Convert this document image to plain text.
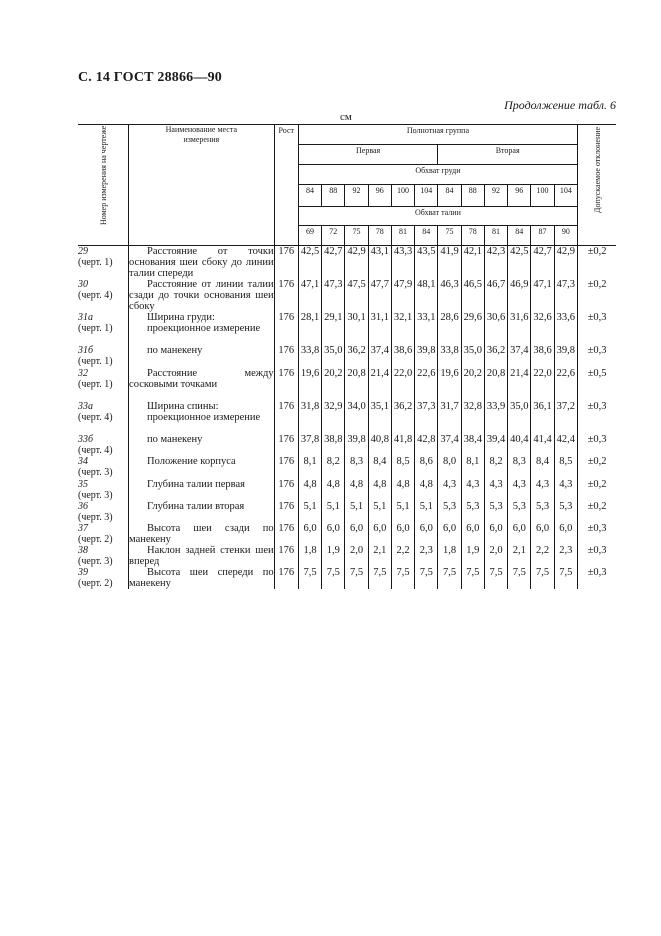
С. 14 ГОСТ 28866—90
Продолжение табл. 6
см
Номер измерения на чертеже	Наименование места измерения	Рост	Полнотная группа												Допускаемое отклонение
			Первая						Вторая						
			Обхват груди												
			84	88	92	96	100	104	84	88	92	96	100	104	
			Обхват талии												
			69	72	75	78	81	84	75	78	81	84	87	90	

29
(черт. 1)	Расстояние от точки основания шеи сбоку до линии талии спереди	176	42,5	42,7	42,9	43,1	43,3	43,5	41,9	42,1	42,3	42,5	42,7	42,9	±0,2

30
(черт. 4)	Расстояние от линии талии сзади до точки основания шеи сбоку	176	47,1	47,3	47,5	47,7	47,9	48,1	46,3	46,5	46,7	46,9	47,1	47,3	±0,2

31а
(черт. 1)	Ширина груди:
проекционное измерение	176	28,1	29,1	30,1	31,1	32,1	33,1	28,6	29,6	30,6	31,6	32,6	33,6	±0,3

31б
(черт. 1)	по манекену	176	33,8	35,0	36,2	37,4	38,6	39,8	33,8	35,0	36,2	37,4	38,6	39,8	±0,3

32
(черт. 1)	Расстояние между сосковыми точками	176	19,6	20,2	20,8	21,4	22,0	22,6	19,6	20,2	20,8	21,4	22,0	22,6	±0,5

33а
(черт. 4)	Ширина спины:
проекционное измерение	176	31,8	32,9	34,0	35,1	36,2	37,3	31,7	32,8	33,9	35,0	36,1	37,2	±0,3

33б
(черт. 4)	по манекену	176	37,8	38,8	39,8	40,8	41,8	42,8	37,4	38,4	39,4	40,4	41,4	42,4	±0,3

34
(черт. 3)	Положение корпуса	176	8,1	8,2	8,3	8,4	8,5	8,6	8,0	8,1	8,2	8,3	8,4	8,5	±0,2

35
(черт. 3)	Глубина талии первая	176	4,8	4,8	4,8	4,8	4,8	4,8	4,3	4,3	4,3	4,3	4,3	4,3	±0,2

36
(черт. 3)	Глубина талии вторая	176	5,1	5,1	5,1	5,1	5,1	5,1	5,3	5,3	5,3	5,3	5,3	5,3	±0,2

37
(черт. 2)	Высота шеи сзади по манекену	176	6,0	6,0	6,0	6,0	6,0	6,0	6,0	6,0	6,0	6,0	6,0	6,0	±0,3

38
(черт. 3)	Наклон задней стенки шеи вперед	176	1,8	1,9	2,0	2,1	2,2	2,3	1,8	1,9	2,0	2,1	2,2	2,3	±0,3

39
(черт. 2)	Высота шеи спереди по манекену	176	7,5	7,5	7,5	7,5	7,5	7,5	7,5	7,5	7,5	7,5	7,5	7,5	±0,3
